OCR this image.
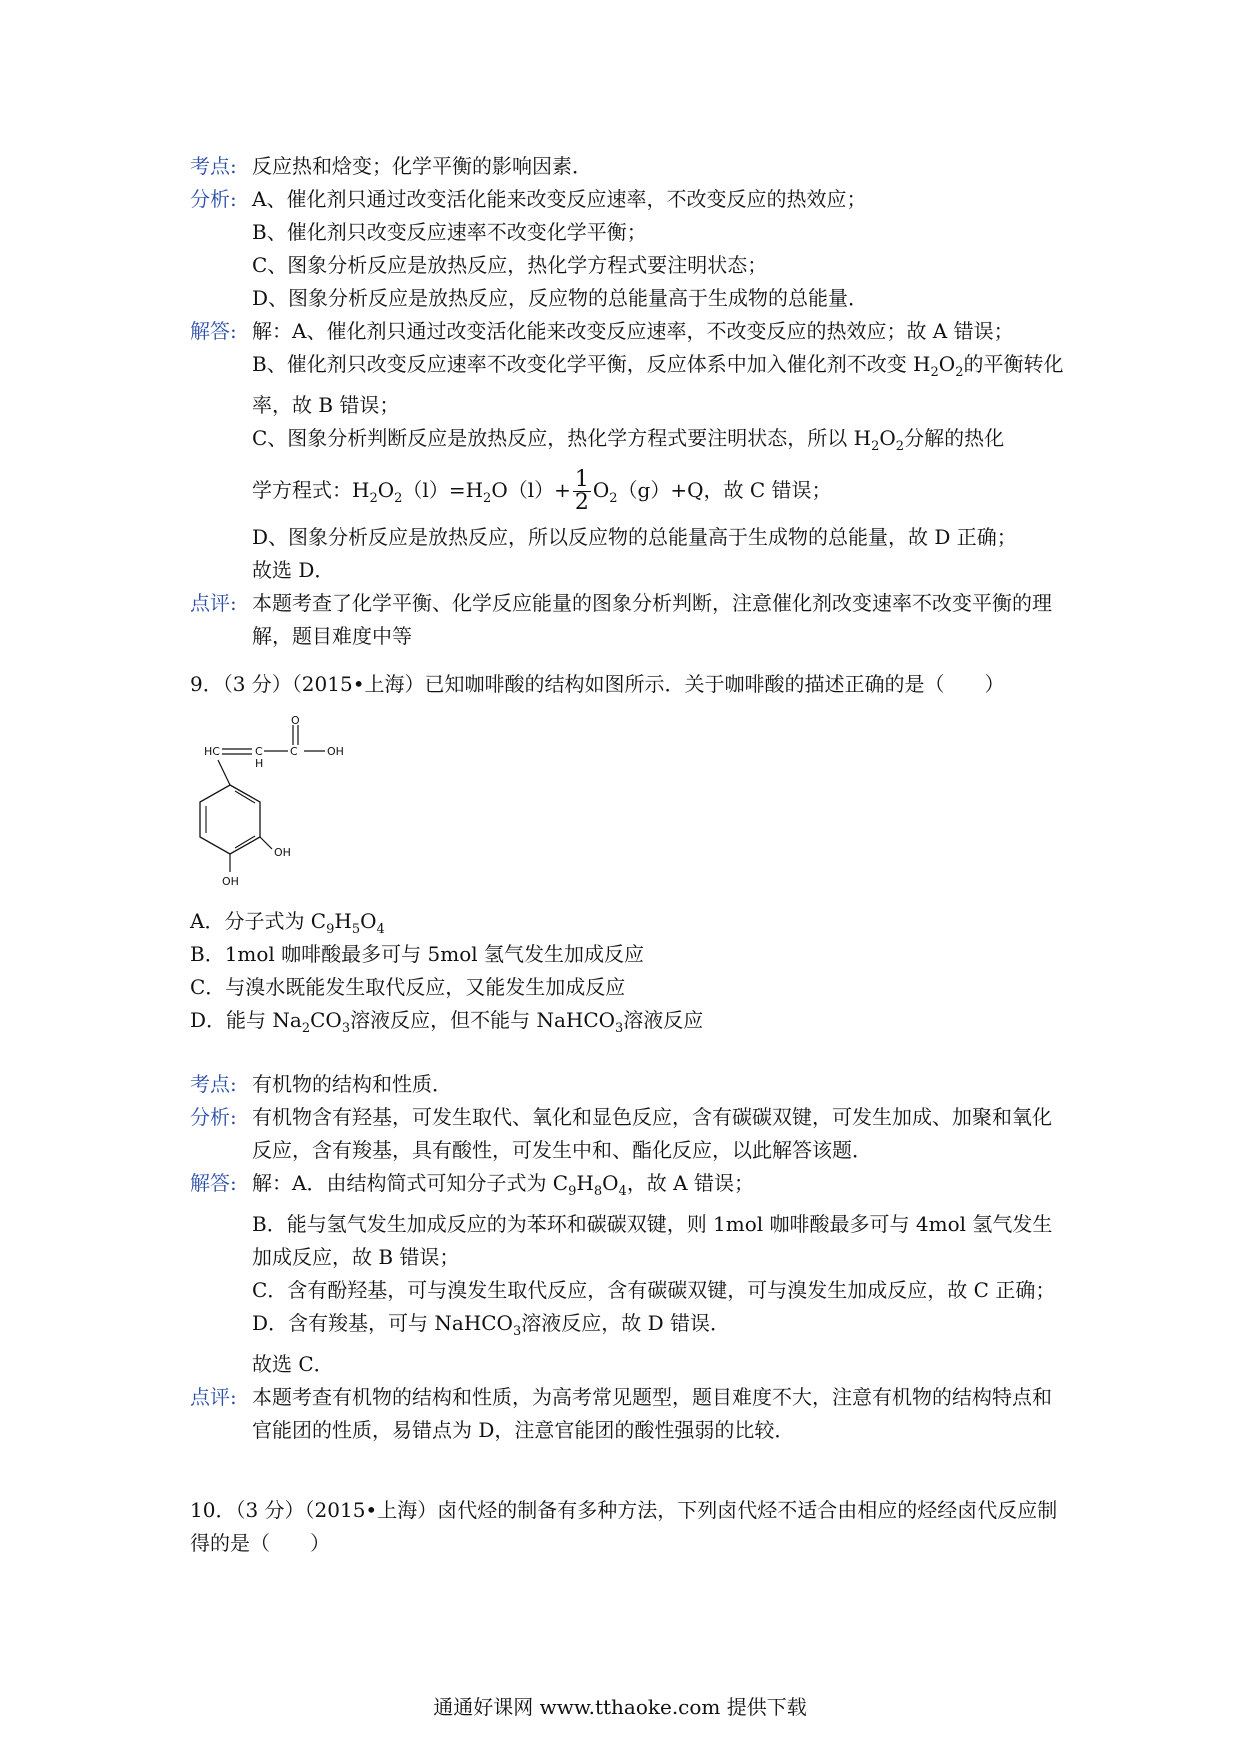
考点: 反应热和焓变；化学平衡的影响因素．
分析: A、催化剂只通过改变活化能来改变反应速率，不改变反应的热效应；
B、催化剂只改变反应速率不改变化学平衡；
C、图象分析反应是放热反应，热化学方程式要注明状态；
D、图象分析反应是放热反应，反应物的总能量高于生成物的总能量．
解答: 解：A、催化剂只通过改变活化能来改变反应速率，不改变反应的热效应；故 A 错误；
B、催化剂只改变反应速率不改变化学平衡，反应体系中加入催化剂不改变 $H_2O_2$的平衡转化率，故 B 错误；
C、图象分析判断反应是放热反应，热化学方程式要注明状态，所以 $H_2O_2$分解的热化
学方程式：$H_2O_2(l)=H_2O(l)+ \frac{1}{2} O_2(g)+Q$，故 C 错误；
D、图象分析反应是放热反应，所以反应物的总能量高于生成物的总能量，故 D 正确；
故选 D．
点评: 本题考查了化学平衡、化学反应能量的图象分析判断，注意催化剂改变速率不改变平衡的理解，题目难度中等
9．（3 分）（2015•上海）已知咖啡酸的结构如图所示．关于咖啡酸的描述正确的是（　　）
O
HC	C
H
C	OH
OH
OH
A．分子式为 $C_9H_5O_4$
B．1mol 咖啡酸最多可与 5mol 氢气发生加成反应
C．与溴水既能发生取代反应，又能发生加成反应
D．能与 $Na_2CO_3$溶液反应，但不能与 NaHCO$_3$溶液反应
考点: 有机物的结构和性质．
分析: 有机物含有羟基，可发生取代、氧化和显色反应，含有碳碳双键，可发生加成、加聚和氧化反应，含有羧基，具有酸性，可发生中和、酯化反应，以此解答该题．
解答: 解：A．由结构简式可知分子式为 $C_9H_8O_4$，故 A 错误；
B．能与氢气发生加成反应的为苯环和碳碳双键，则 1mol 咖啡酸最多可与 4mol 氢气发生加成反应，故 B 错误；
C．含有酚羟基，可与溴发生取代反应，含有碳碳双键，可与溴发生加成反应，故 C 正确；
D．含有羧基，可与 NaHCO$_3$溶液反应，故 D 错误．
故选 C．
点评: 本题考查有机物的结构和性质，为高考常见题型，题目难度不大，注意有机物的结构特点和官能团的性质，易错点为 D，注意官能团的酸性强弱的比较．
10．（3 分）（2015•上海）卤代烃的制备有多种方法，下列卤代烃不适合由相应的烃经卤代反应制得的是（　　）
通通好课网 www.tthaoke.com 提供下载
